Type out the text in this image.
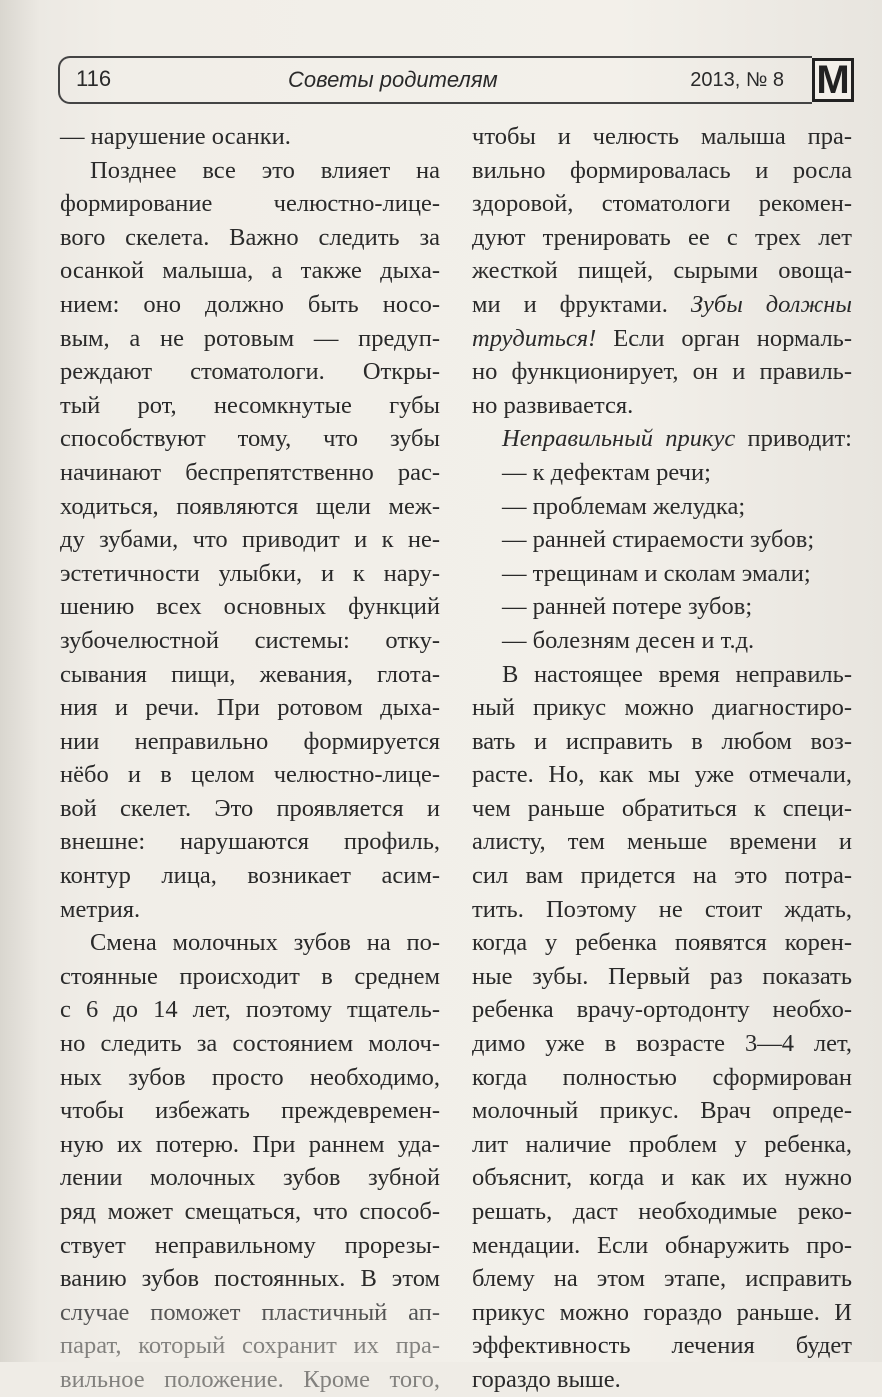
116	Советы родителям	2013, № 8 М
— нарушение осанки.
Позднее все это влияет на
формирование челюстно-лице-
вого скелета. Важно следить за
осанкой малыша, а также дыха-
нием: оно должно быть носо-
вым, а не ротовым — предуп-
реждают стоматологи. Откры-
тый рот, несомкнутые губы
способствуют тому, что зубы
начинают беспрепятственно рас-
ходиться, появляются щели меж-
ду зубами, что приводит и к не-
эстетичности улыбки, и к нару-
шению всех основных функций
зубочелюстной системы: отку-
сывания пищи, жевания, глота-
ния и речи. При ротовом дыха-
нии неправильно формируется
нёбо и в целом челюстно-лице-
вой скелет. Это проявляется и
внешне: нарушаются профиль,
контур лица, возникает асим-
метрия.
Смена молочных зубов на по-
стоянные происходит в среднем
с 6 до 14 лет, поэтому тщатель-
но следить за состоянием молоч-
ных зубов просто необходимо,
чтобы избежать преждевремен-
ную их потерю. При раннем уда-
лении молочных зубов зубной
ряд может смещаться, что способ-
ствует неправильному прорезы-
ванию зубов постоянных. В этом
случае поможет пластичный ап-
парат, который сохранит их пра-
вильное положение. Кроме того,
чтобы и челюсть малыша пра-
вильно формировалась и росла
здоровой, стоматологи рекомен-
дуют тренировать ее с трех лет
жесткой пищей, сырыми овоща-
ми и фруктами. Зубы должны
трудиться! Если орган нормаль-
но функционирует, он и правиль-
но развивается.
Неправильный прикус приводит:
— к дефектам речи;
— проблемам желудка;
— ранней стираемости зубов;
— трещинам и сколам эмали;
— ранней потере зубов;
— болезням десен и т.д.
В настоящее время неправиль-
ный прикус можно диагностиро-
вать и исправить в любом воз-
расте. Но, как мы уже отмечали,
чем раньше обратиться к специ-
алисту, тем меньше времени и
сил вам придется на это потра-
тить. Поэтому не стоит ждать,
когда у ребенка появятся корен-
ные зубы. Первый раз показать
ребенка врачу-ортодонту необхо-
димо уже в возрасте 3—4 лет,
когда полностью сформирован
молочный прикус. Врач опреде-
лит наличие проблем у ребенка,
объяснит, когда и как их нужно
решать, даст необходимые реко-
мендации. Если обнаружить про-
блему на этом этапе, исправить
прикус можно гораздо раньше. И
эффективность лечения будет
гораздо выше.
